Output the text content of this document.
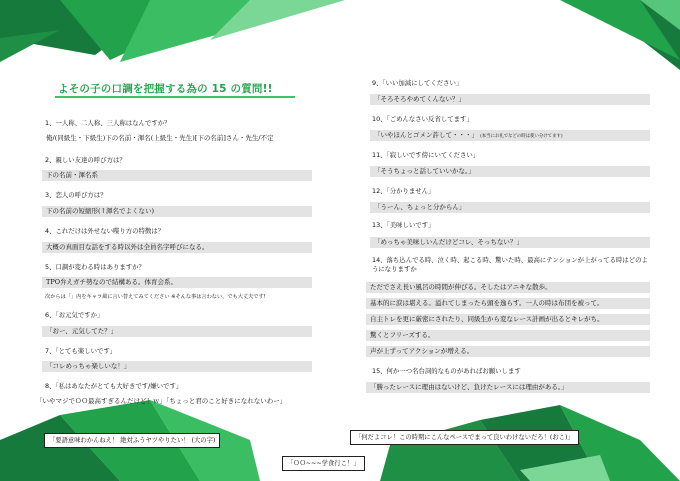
よその子の口調を把握する為の 15 の質問!!
1、一人称、二人称、三人称はなんですか？
俺/(同級生・下級生)下の名前・渾名(上級生・先生)[下の名前]さん・先生/不定
2、親しい友達の呼び方は？
下の名前・渾名系
3、恋人の呼び方は？
下の名前の短縮形(↑渾名でよくない)
4、これだけは外せない喋り方の特徴は？
大概の真面目な話をする時以外は全員名字呼びになる。
5、口調が変わる時はありますか？
TPO弁えガチ勢なので結構ある。体育会系。
次からは「」内をキャラ風に言い替えてみてください ※そんな事は言わない、でも大丈夫です!
6、「お元気ですか」
「おー、元気してた？」
7、「とても楽しいです」
「コレめっちゃ楽しいな！」
8、「私はあなたがとても大好きです/嫌いです」
「いやマジでＯＯ最高すぎるんだけど！ｗ」「ちょっと君のこと好きになれないわー」
9、「いい加減にしてください」
「そろそろやめてくんない？」
10、「ごめんなさい反省してます」
「いやほんとゴメン許して・・・」 (本当にお礼でなどの時は使い分けてます)
11、「寂しいです傍にいてください」
「そうちょっと話していいかな。」
12、「分かりません」
「うーん、ちょっと分からん」
13、「美味しいです」
「めっちゃ美味しいんだけどコレ、そっちない？」
14、落ち込んでる時、泣く時、起こる時、驚いた時、最高にテンションが上がってる時はどのようになりますか
ただでさえ長い風呂の時間が伸びる。そしたはアニキな散歩。
基本的に涙は堪える。溢れてしまったら頭を逸らす。一人の時は布団を被って。
自主トレを更に厳密にされたり、同級生から変なレース計画が出るとキレがち。
驚くとフリーズする。
声が上ずってアクションが増える。
15、何か一つ名台詞的なものがあればお願いします
「勝ったレースに理由はないけど、負けたレースには理由がある。」
「要語意味わかんねえ！ 絶対ふうヤツやりたい！ (大の字)
「ＯＯ~~~学食行こ！」
「何だよコレ！この時期にこんなペースでまって良いわけないだろ！(おこ)」
